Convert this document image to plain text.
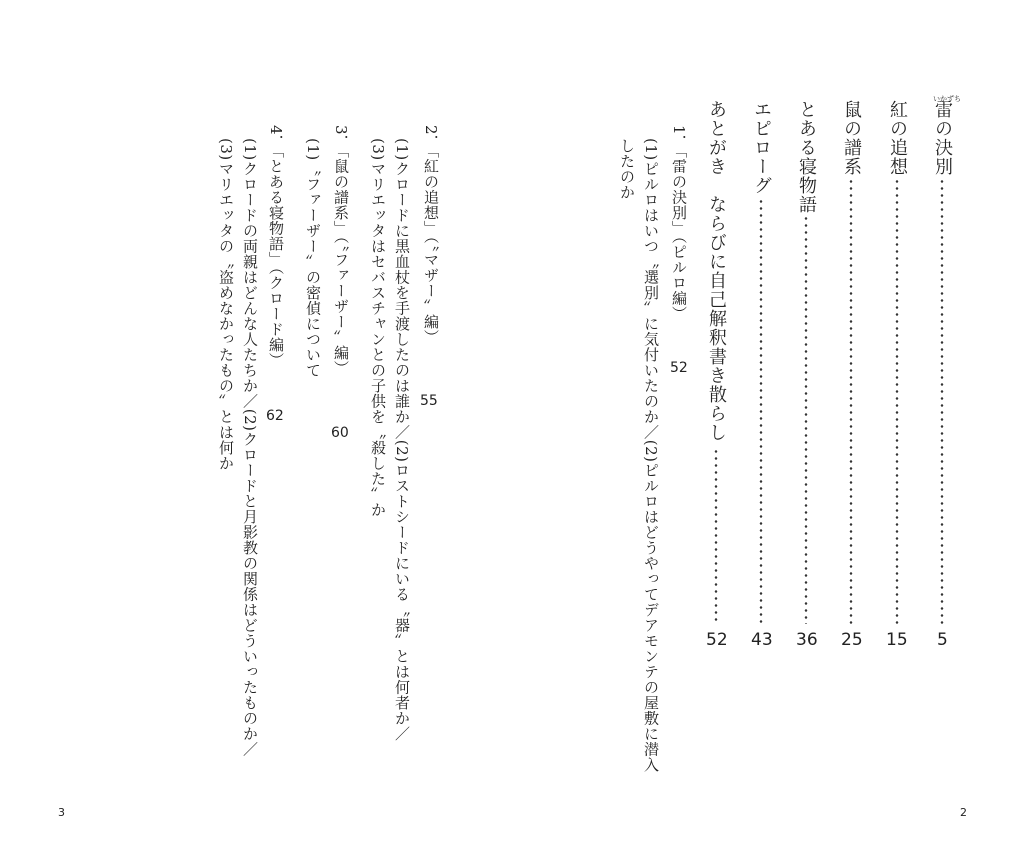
いかずち
雷の決別
5
紅の追想
15
鼠の譜系
25
とある寝物語
36
エピローグ
43
あとがき　ならびに自己解釈書き散らし
52
1．「雷の決別」（ピルロ編）
52
(1)ピルロはいつ〝選別〟に気付いたのか／(2)ピルロはどうやってデアモンテの屋敷に潜入
したのか
2．「紅の追想」（〝マザー〟編）
55
(1)クロードに黒血杖を手渡したのは誰か／(2)ロストシードにいる〝器〟とは何者か／
(3)マリエッタはセバスチャンとの子供を〝殺した〟か
3．「鼠の譜系」（〝ファーザー〟編）
60
(1)〝ファーザー〟の密偵について
4．「とある寝物語」（クロード編）
62
(1)クロードの両親はどんな人たちか／(2)クロードと月影教の関係はどういったものか／
(3)マリエッタの〝盗めなかったもの〟とは何か
3	2
